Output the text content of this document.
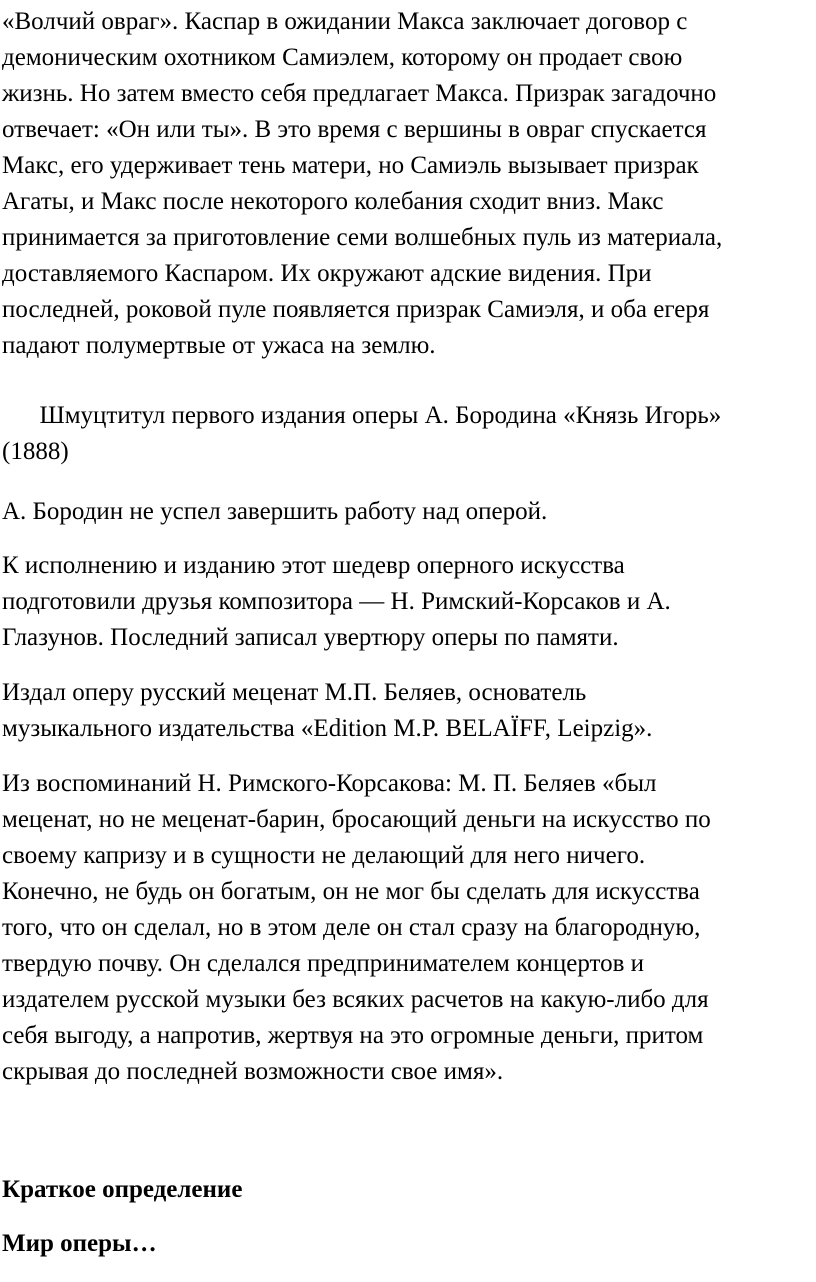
«Волчий овраг». Каспар в ожидании Макса заключает договор с
демоническим охотником Самиэлем, которому он продает свою
жизнь. Но затем вместо себя предлагает Макса. Призрак загадочно
отвечает: «Он или ты». В это время с вершины в овраг спускается
Макс, его удерживает тень матери, но Самиэль вызывает призрак
Агаты, и Макс после некоторого колебания сходит вниз. Макс
принимается за приготовление семи волшебных пуль из материала,
доставляемого Каспаром. Их окружают адские видения. При
последней, роковой пуле появляется призрак Самиэля, и оба егеря
падают полумертвые от ужаса на землю.

Шмуцтитул первого издания оперы А. Бородина «Князь Игорь»
(1888)

А. Бородин не успел завершить работу над оперой.

К исполнению и изданию этот шедевр оперного искусства
подготовили друзья композитора — Н. Римский-Корсаков и А.
Глазунов. Последний записал увертюру оперы по памяти.

Издал оперу русский меценат М.П. Беляев, основатель
музыкального издательства «Edition M.P. BELAÏFF, Leipzig».

Из воспоминаний Н. Римского-Корсакова: М. П. Беляев «был
меценат, но не меценат-барин, бросающий деньги на искусство по
своему капризу и в сущности не делающий для него ничего.
Конечно, не будь он богатым, он не мог бы сделать для искусства
того, что он сделал, но в этом деле он стал сразу на благородную,
твердую почву. Он сделался предпринимателем концертов и
издателем русской музыки без всяких расчетов на какую-либо для
себя выгоду, а напротив, жертвуя на это огромные деньги, притом
скрывая до последней возможности свое имя».

Краткое определение

Мир оперы…
